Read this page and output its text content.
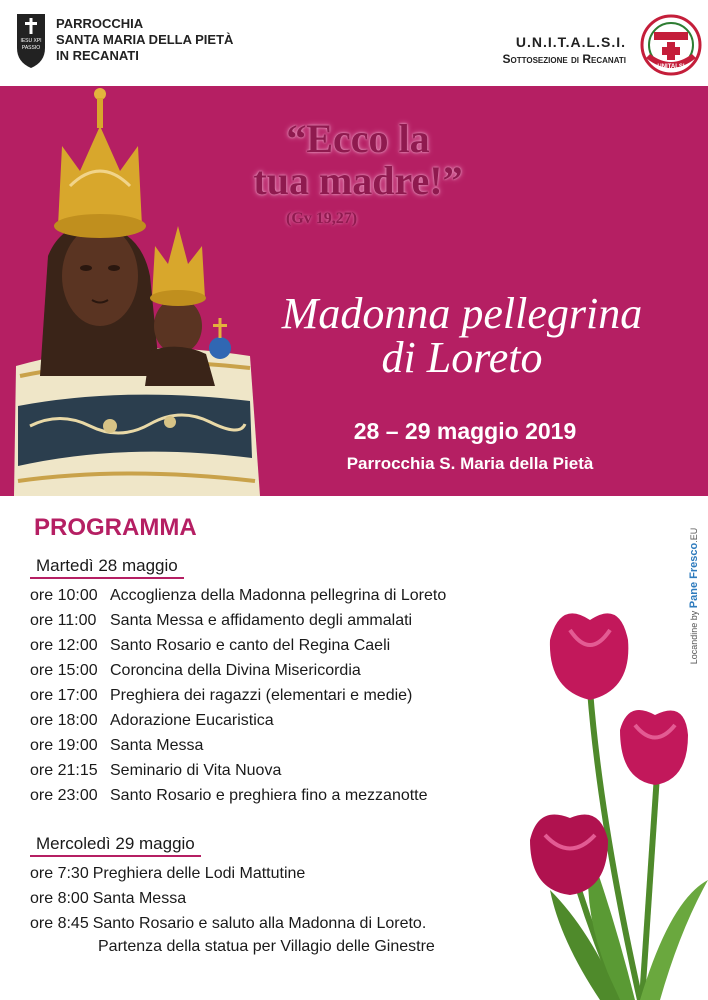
IESU XPI
PASSIO
PARROCCHIA
SANTA MARIA DELLA PIETÀ
IN RECANATI
U.N.I.T.A.L.S.I.
Sottosezione di Recanati
UNITALSI
“Ecco la
tua madre!”
(Gv 19,27)
Madonna pellegrina
di Loreto
28 – 29 maggio 2019
Parrocchia S. Maria della Pietà
PROGRAMMA
Martedì 28 maggio
ore 10:00 Accoglienza della Madonna pellegrina di Loreto
ore 11:00 Santa Messa e affidamento degli ammalati
ore 12:00 Santo Rosario e canto del Regina Caeli
ore 15:00 Coroncina della Divina Misericordia
ore 17:00 Preghiera dei ragazzi (elementari e medie)
ore 18:00 Adorazione Eucaristica
ore 19:00 Santa Messa
ore 21:15 Seminario di Vita Nuova
ore 23:00 Santo Rosario e preghiera fino a mezzanotte
Mercoledì 29 maggio
ore 7:30 Preghiera delle Lodi Mattutine
ore 8:00 Santa Messa
ore 8:45 Santo Rosario e saluto alla Madonna di Loreto.
Partenza della statua per Villagio delle Ginestre
Locandine by Pane Fresco.EU
